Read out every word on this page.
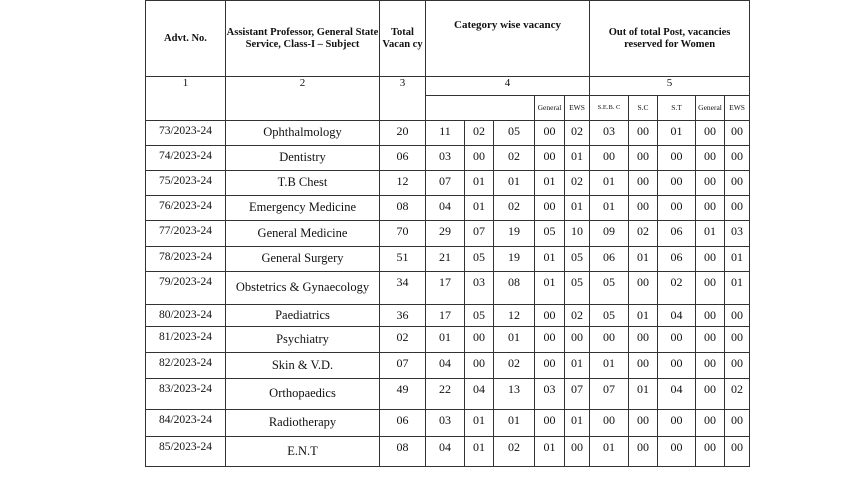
Advt. No.	Assistant Professor, General State Service, Class-I – Subject	Total Vacan cy	Category wise vacancy					Out of total Post, vacancies reserved for Women					
1	2	3	4					5					
						General	EWS	S.E.B. C	S.C	S.T	General	EWS			
73/2023-24	Ophthalmology	20	11	02	05	00	02	03	00	01	00	00	
74/2023-24	Dentistry	06	03	00	02	00	01	00	00	00	00	00	
75/2023-24	T.B Chest	12	07	01	01	01	02	01	00	00	00	00	
76/2023-24	Emergency Medicine	08	04	01	02	00	01	01	00	00	00	00	
77/2023-24	General Medicine	70	29	07	19	05	10	09	02	06	01	03	
78/2023-24	General Surgery	51	21	05	19	01	05	06	01	06	00	01	
79/2023-24	Obstetrics & Gynaecology	34	17	03	08	01	05	05	00	02	00	01	
80/2023-24	Paediatrics	36	17	05	12	00	02	05	01	04	00	00	
81/2023-24	Psychiatry	02	01	00	01	00	00	00	00	00	00	00	
82/2023-24	Skin & V.D.	07	04	00	02	00	01	01	00	00	00	00	
83/2023-24	Orthopaedics	49	22	04	13	03	07	07	01	04	00	02	
84/2023-24	Radiotherapy	06	03	01	01	00	01	00	00	00	00	00	
85/2023-24	E.N.T	08	04	01	02	01	00	01	00	00	00	00	
